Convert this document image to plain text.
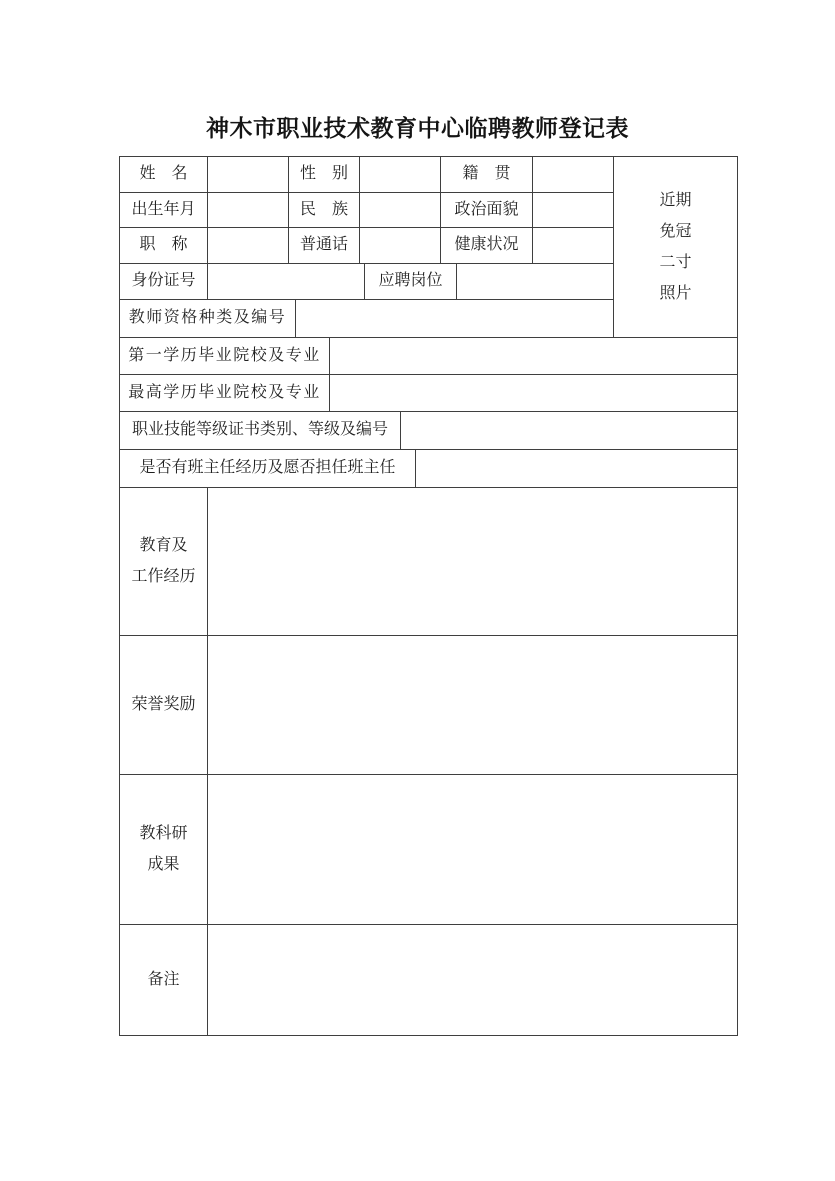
神木市职业技术教育中心临聘教师登记表
姓　名	性　别	籍　贯
出生年月	民　族	政治面貌
职　称	普通话	健康状况
身份证号	应聘岗位
教师资格种类及编号
近期
免冠
二寸
照片
第一学历毕业院校及专业
最高学历毕业院校及专业
职业技能等级证书类别、等级及编号
是否有班主任经历及愿否担任班主任
教育及
工作经历
荣誉奖励
教科研
成果
备注
